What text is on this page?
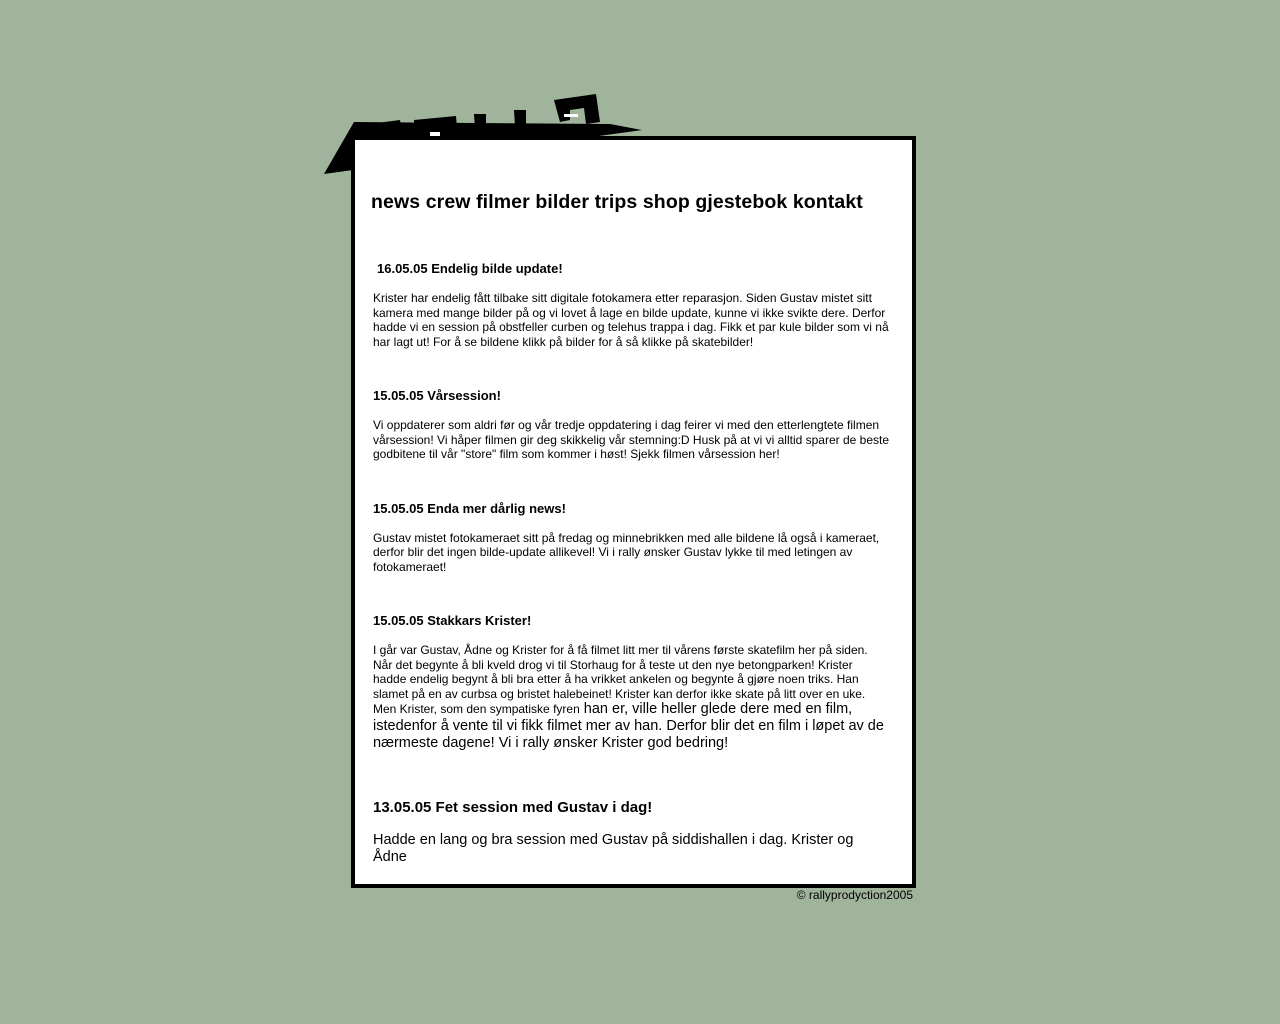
news crew filmer bilder trips shop gjestebok kontakt
16.05.05 Endelig bilde update!

Krister har endelig fått tilbake sitt digitale fotokamera etter reparasjon. Siden Gustav mistet sitt kamera med mange bilder på og vi lovet å lage en bilde update, kunne vi ikke svikte dere. Derfor hadde vi en session på obstfeller curben og telehus trappa i dag. Fikk et par kule bilder som vi nå har lagt ut! For å se bildene klikk på bilder for å så klikke på skatebilder!

15.05.05 Vårsession!

Vi oppdaterer som aldri før og vår tredje oppdatering i dag feirer vi med den etterlengtete filmen vårsession! Vi håper filmen gir deg skikkelig vår stemning:D Husk på at vi vi alltid sparer de beste godbitene til vår "store" film som kommer i høst! Sjekk filmen vårsession her!

15.05.05 Enda mer dårlig news!

Gustav mistet fotokameraet sitt på fredag og minnebrikken med alle bildene lå også i kameraet, derfor blir det ingen bilde-update allikevel! Vi i rally ønsker Gustav lykke til med letingen av fotokameraet!

15.05.05 Stakkars Krister!

I går var Gustav, Ådne og Krister for å få filmet litt mer til vårens første skatefilm her på siden. Når det begynte å bli kveld drog vi til Storhaug for å teste ut den nye betongparken! Krister hadde endelig begynt å bli bra etter å ha vrikket ankelen og begynte å gjøre noen triks. Han slamet på en av curbsa og bristet halebeinet! Krister kan derfor ikke skate på litt over en uke. Men Krister, som den sympatiske fyren han er, ville heller glede dere med en film, istedenfor å vente til vi fikk filmet mer av han. Derfor blir det en film i løpet av de nærmeste dagene! Vi i rally ønsker Krister god bedring!

13.05.05 Fet session med Gustav i dag!

Hadde en lang og bra session med Gustav på siddishallen i dag. Krister og Ådne

© rallyprodyction2005
